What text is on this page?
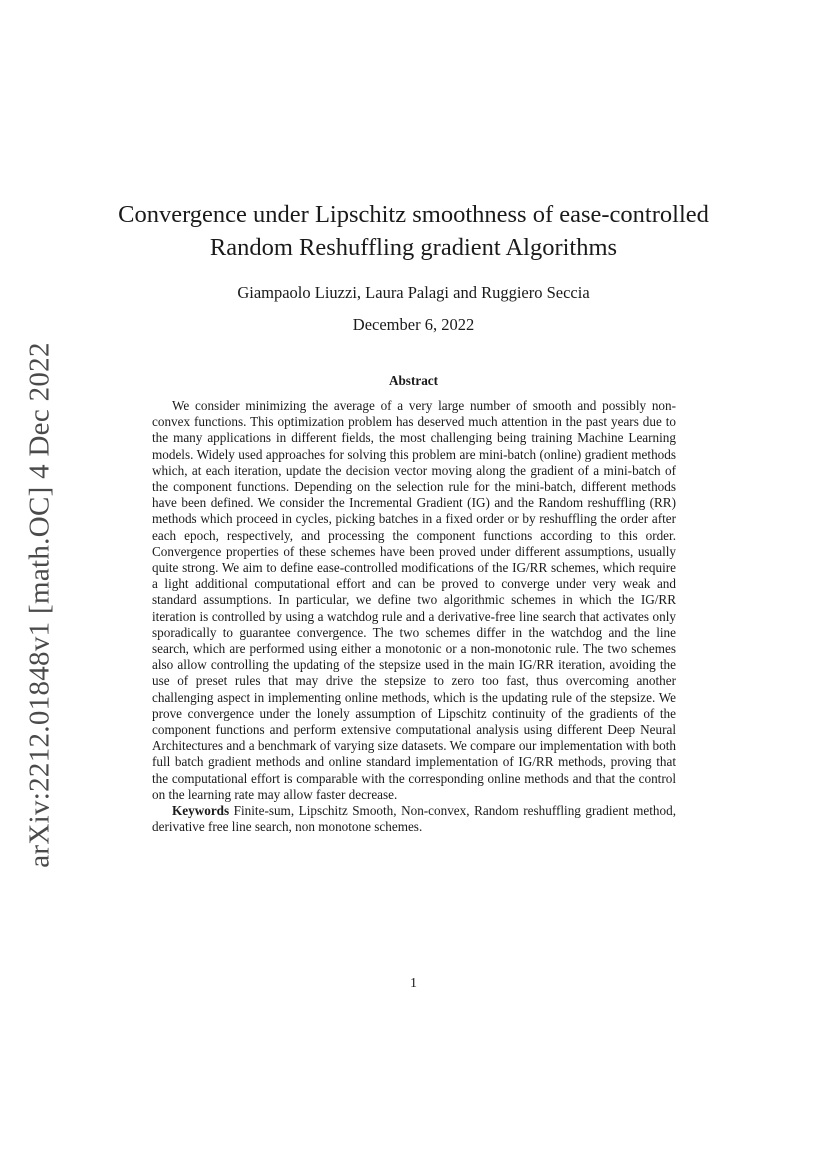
arXiv:2212.01848v1 [math.OC] 4 Dec 2022
Convergence under Lipschitz smoothness of ease-controlled
Random Reshuffling gradient Algorithms
Giampaolo Liuzzi, Laura Palagi and Ruggiero Seccia
December 6, 2022
Abstract

We consider minimizing the average of a very large number of smooth and possibly non-convex functions. This optimization problem has deserved much attention in the past years due to the many applications in different fields, the most challenging being training Machine Learning models. Widely used approaches for solving this problem are mini-batch (online) gradient methods which, at each iteration, update the decision vector moving along the gradient of a mini-batch of the component functions. Depending on the selection rule for the mini-batch, different methods have been defined. We consider the Incremental Gradient (IG) and the Random reshuffling (RR) methods which proceed in cycles, picking batches in a fixed order or by reshuffling the order after each epoch, respectively, and processing the component functions according to this order. Convergence properties of these schemes have been proved under different assumptions, usually quite strong. We aim to define ease-controlled modifications of the IG/RR schemes, which require a light additional computational effort and can be proved to converge under very weak and standard assumptions. In particular, we define two algorithmic schemes in which the IG/RR iteration is controlled by using a watchdog rule and a derivative-free line search that activates only sporadically to guarantee convergence. The two schemes differ in the watchdog and the line search, which are performed using either a monotonic or a non-monotonic rule. The two schemes also allow controlling the updating of the stepsize used in the main IG/RR iteration, avoiding the use of preset rules that may drive the stepsize to zero too fast, thus overcoming another challenging aspect in implementing online methods, which is the updating rule of the stepsize. We prove convergence under the lonely assumption of Lipschitz continuity of the gradients of the component functions and perform extensive computational analysis using different Deep Neural Architectures and a benchmark of varying size datasets. We compare our implementation with both full batch gradient methods and online standard implementation of IG/RR methods, proving that the computational effort is comparable with the corresponding online methods and that the control on the learning rate may allow faster decrease.

Keywords Finite-sum, Lipschitz Smooth, Non-convex, Random reshuffling gradient method, derivative free line search, non monotone schemes.

1
